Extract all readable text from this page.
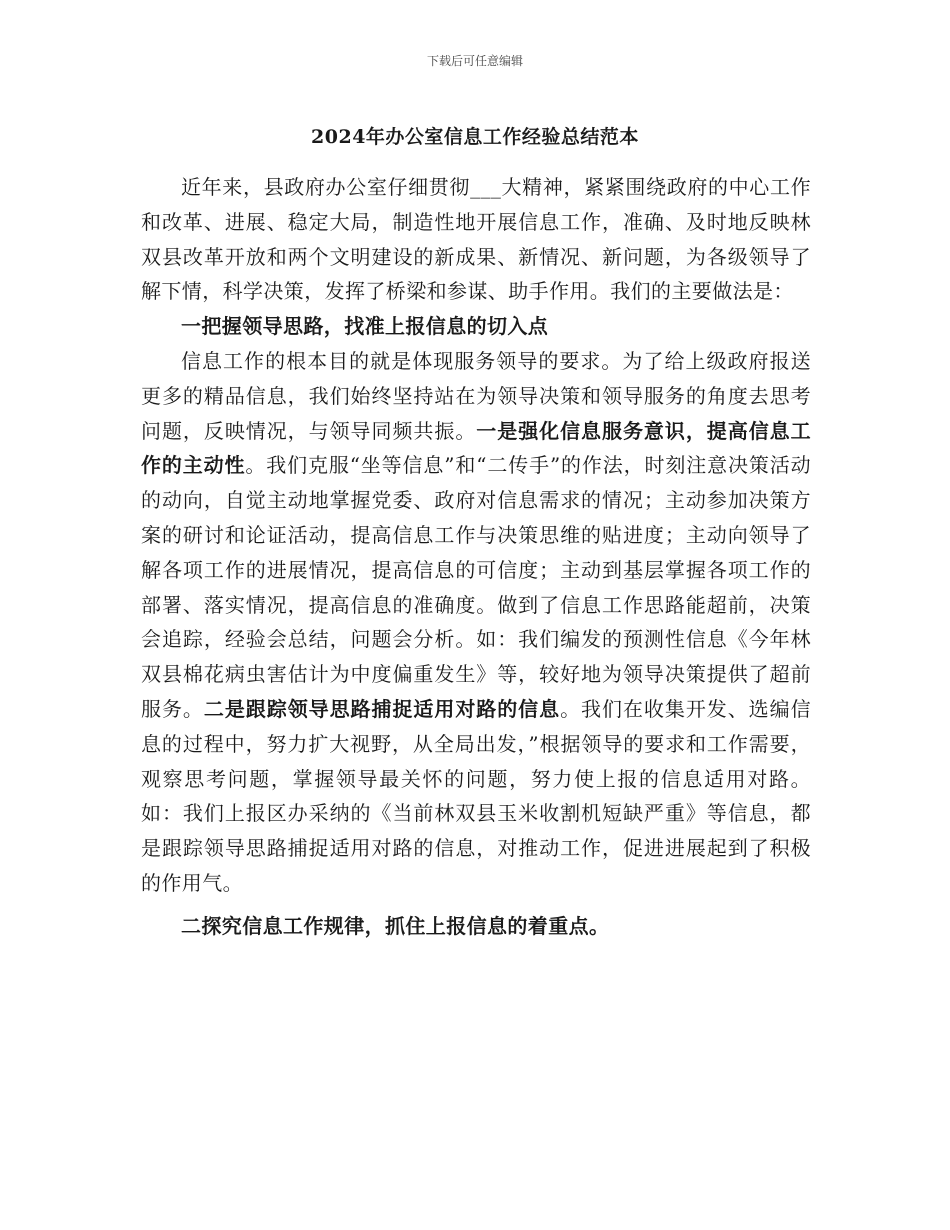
下载后可任意编辑
2024年办公室信息工作经验总结范本

近年来，县政府办公室仔细贯彻___大精神，紧紧围绕政府的中心工作和改革、进展、稳定大局，制造性地开展信息工作，准确、及时地反映林双县改革开放和两个文明建设的新成果、新情况、新问题，为各级领导了解下情，科学决策，发挥了桥梁和参谋、助手作用。我们的主要做法是：

一把握领导思路，找准上报信息的切入点

信息工作的根本目的就是体现服务领导的要求。为了给上级政府报送更多的精品信息，我们始终坚持站在为领导决策和领导服务的角度去思考问题，反映情况，与领导同频共振。一是强化信息服务意识，提高信息工作的主动性。我们克服“坐等信息”和“二传手”的作法，时刻注意决策活动的动向，自觉主动地掌握党委、政府对信息需求的情况；主动参加决策方案的研讨和论证活动，提高信息工作与决策思维的贴进度；主动向领导了解各项工作的进展情况，提高信息的可信度；主动到基层掌握各项工作的部署、落实情况，提高信息的准确度。做到了信息工作思路能超前，决策会追踪，经验会总结，问题会分析。如：我们编发的预测性信息《今年林双县棉花病虫害估计为中度偏重发生》等，较好地为领导决策提供了超前服务。二是跟踪领导思路捕捉适用对路的信息。我们在收集开发、选编信息的过程中，努力扩大视野，从全局出发，”根据领导的要求和工作需要，观察思考问题，掌握领导最关怀的问题，努力使上报的信息适用对路。如：我们上报区办采纳的《当前林双县玉米收割机短缺严重》等信息，都是跟踪领导思路捕捉适用对路的信息，对推动工作，促进进展起到了积极的作用气。

二探究信息工作规律，抓住上报信息的着重点。
